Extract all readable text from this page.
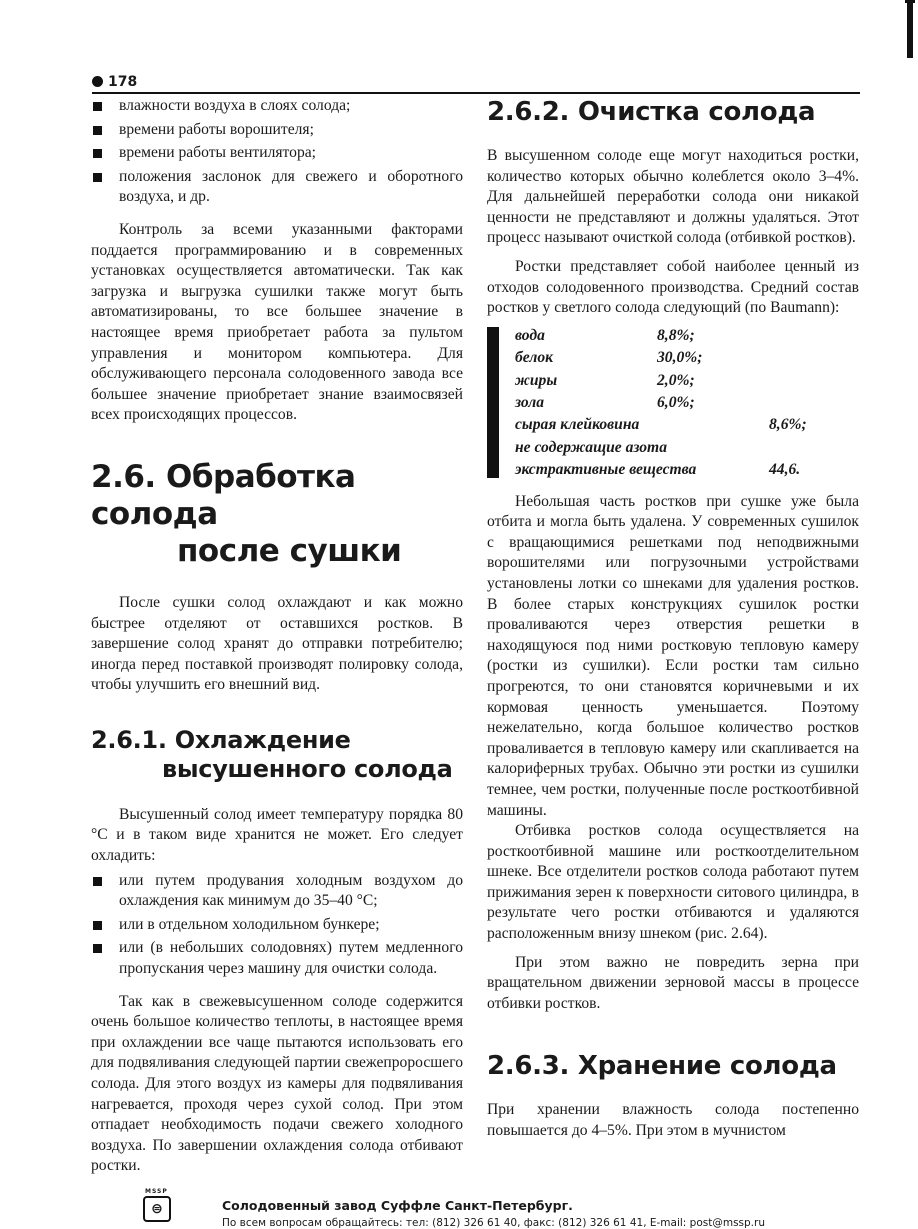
178
влажности воздуха в слоях солода;
времени работы ворошителя;
времени работы вентилятора;
положения заслонок для свежего и оборотного воздуха, и др.

Контроль за всеми указанными факторами поддается программированию и в современных установках осуществляется автоматически. Так как загрузка и выгрузка сушилки также могут быть автоматизированы, то все большее значение в настоящее время приобретает работа за пультом управления и монитором компьютера. Для обслуживающего персонала солодовенного завода все большее значение приобретает знание взаимосвязей всех происходящих процессов.

2.6. Обработка солода
после сушки

После сушки солод охлаждают и как можно быстрее отделяют от оставшихся ростков. В завершение солод хранят до отправки потребителю; иногда перед поставкой производят полировку солода, чтобы улучшить его внешний вид.

2.6.1. Охлаждение
высушенного солода

Высушенный солод имеет температуру порядка 80 °С и в таком виде хранится не может. Его следует охладить:

или путем продувания холодным воздухом до охлаждения как минимум до 35–40 °С;
или в отдельном холодильном бункере;
или (в небольших солодовнях) путем медленного пропускания через машину для очистки солода.

Так как в свежевысушенном солоде содержится очень большое количество теплоты, в настоящее время при охлаждении все чаще пытаются использовать его для подвяливания следующей партии свежепроросшего солода. Для этого воздух из камеры для подвяливания нагревается, проходя через сухой солод. При этом отпадает необходимость подачи свежего холодного воздуха. По завершении охлаждения солода отбивают ростки.

2.6.2. Очистка солода

В высушенном солоде еще могут находиться ростки, количество которых обычно колеблется около 3–4%. Для дальнейшей переработки солода они никакой ценности не представляют и должны удаляться. Этот процесс называют очисткой солода (отбивкой ростков).

Ростки представляет собой наиболее ценный из отходов солодовенного производства. Средний состав ростков у светлого солода следующий (по Baumann):

вода	8,8%;	
белок	30,0%;	
жиры	2,0%;	
зола	6,0%;	
сырая клейковина		8,6%;
не содержащие азота		
экстрактивные вещества		44,6.

Небольшая часть ростков при сушке уже была отбита и могла быть удалена. У современных сушилок с вращающимися решетками под неподвижными ворошителями или погрузочными устройствами установлены лотки со шнеками для удаления ростков. В более старых конструкциях сушилок ростки проваливаются через отверстия решетки в находящуюся под ними ростковую тепловую камеру (ростки из сушилки). Если ростки там сильно прогреются, то они становятся коричневыми и их кормовая ценность уменьшается. Поэтому нежелательно, когда большое количество ростков проваливается в тепловую камеру или скапливается на калориферных трубах. Обычно эти ростки из сушилки темнее, чем ростки, полученные после росткоотбивной машины.

Отбивка ростков солода осуществляется на росткоотбивной машине или росткоотделительном шнеке. Все отделители ростков солода работают путем прижимания зерен к поверхности ситового цилиндра, в результате чего ростки отбиваются и удаляются расположенным внизу шнеком (рис. 2.64).

При этом важно не повредить зерна при вращательном движении зерновой массы в процессе отбивки ростков.

2.6.3. Хранение солода

При хранении влажность солода постепенно повышается до 4–5%. При этом в мучнистом

MSSP
⊜	Солодовенный завод Суффле Санкт-Петербург.
По всем вопросам обращайтесь: тел: (812) 326 61 40, факс: (812) 326 61 41, E-mail: post@mssp.ru
